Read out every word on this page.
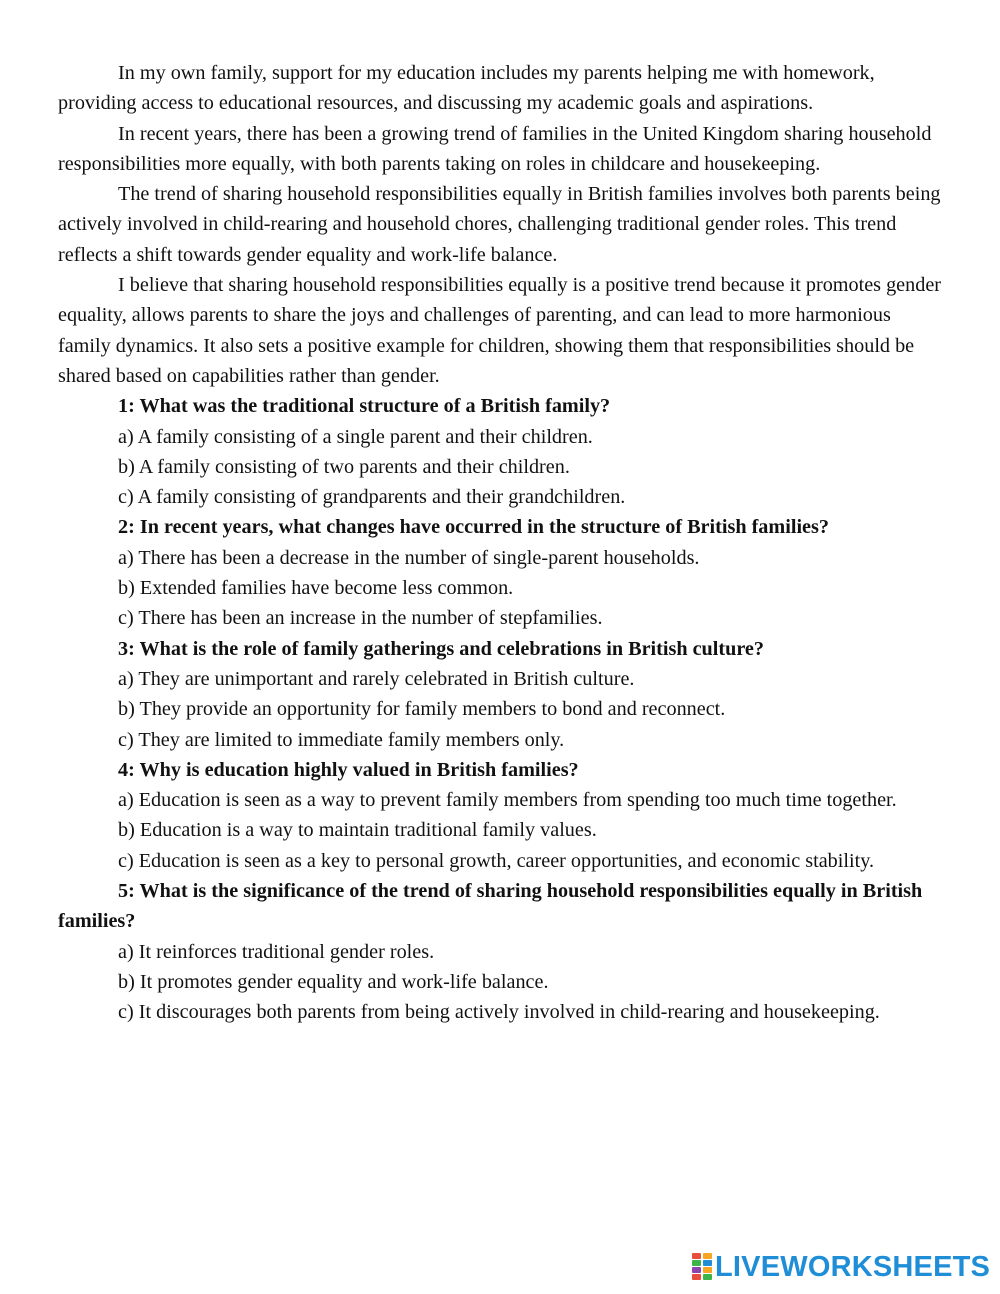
In my own family, support for my education includes my parents helping me with homework, providing access to educational resources, and discussing my academic goals and aspirations.

In recent years, there has been a growing trend of families in the United Kingdom sharing household responsibilities more equally, with both parents taking on roles in childcare and housekeeping.

The trend of sharing household responsibilities equally in British families involves both parents being actively involved in child-rearing and household chores, challenging traditional gender roles. This trend reflects a shift towards gender equality and work-life balance.

I believe that sharing household responsibilities equally is a positive trend because it promotes gender equality, allows parents to share the joys and challenges of parenting, and can lead to more harmonious family dynamics. It also sets a positive example for children, showing them that responsibilities should be shared based on capabilities rather than gender.

1: What was the traditional structure of a British family?

a) A family consisting of a single parent and their children.

b) A family consisting of two parents and their children.

c) A family consisting of grandparents and their grandchildren.

2: In recent years, what changes have occurred in the structure of British families?

a) There has been a decrease in the number of single-parent households.

b) Extended families have become less common.

c) There has been an increase in the number of stepfamilies.

3: What is the role of family gatherings and celebrations in British culture?

a) They are unimportant and rarely celebrated in British culture.

b) They provide an opportunity for family members to bond and reconnect.

c) They are limited to immediate family members only.

4: Why is education highly valued in British families?

a) Education is seen as a way to prevent family members from spending too much time together.

b) Education is a way to maintain traditional family values.

c) Education is seen as a key to personal growth, career opportunities, and economic stability.

5: What is the significance of the trend of sharing household responsibilities equally in British families?

a) It reinforces traditional gender roles.

b) It promotes gender equality and work-life balance.

c) It discourages both parents from being actively involved in child-rearing and housekeeping.

LIVEWORKSHEETS
